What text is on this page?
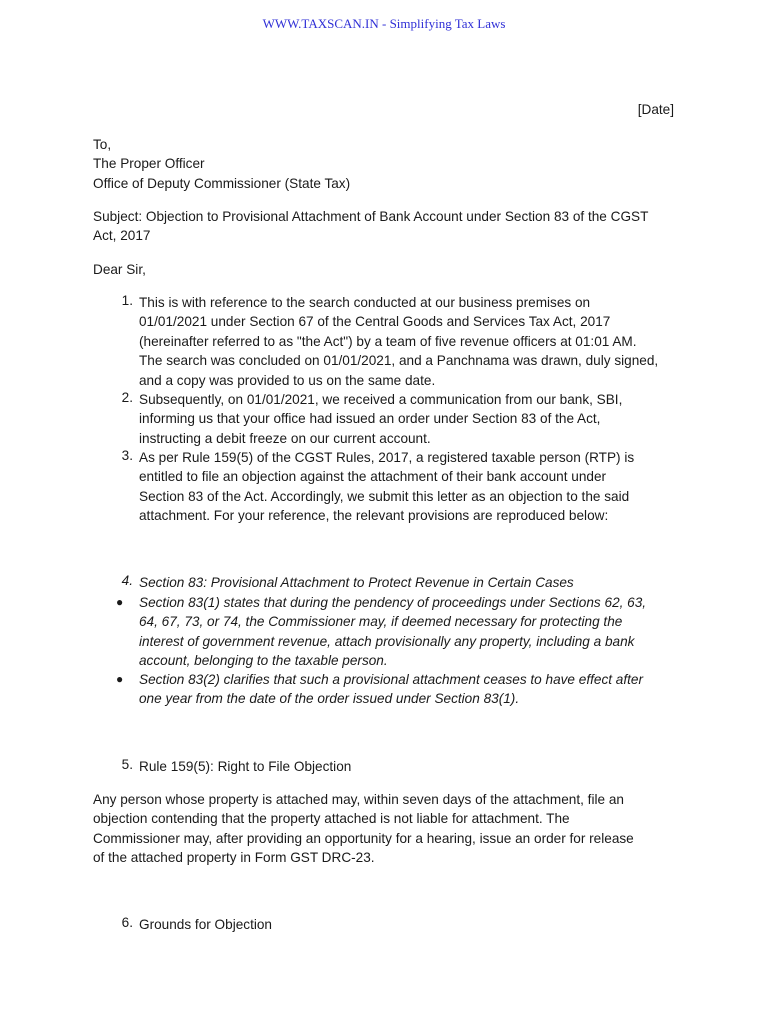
WWW.TAXSCAN.IN - Simplifying Tax Laws
[Date]
To,
The Proper Officer
Office of Deputy Commissioner (State Tax)
Subject: Objection to Provisional Attachment of Bank Account under Section 83 of the CGST
Act, 2017
Dear Sir,
1. This is with reference to the search conducted at our business premises on
01/01/2021 under Section 67 of the Central Goods and Services Tax Act, 2017
(hereinafter referred to as "the Act") by a team of five revenue officers at 01:01 AM.
The search was concluded on 01/01/2021, and a Panchnama was drawn, duly signed,
and a copy was provided to us on the same date.
2. Subsequently, on 01/01/2021, we received a communication from our bank, SBI,
informing us that your office had issued an order under Section 83 of the Act,
instructing a debit freeze on our current account.
3. As per Rule 159(5) of the CGST Rules, 2017, a registered taxable person (RTP) is
entitled to file an objection against the attachment of their bank account under
Section 83 of the Act. Accordingly, we submit this letter as an objection to the said
attachment. For your reference, the relevant provisions are reproduced below:
4. Section 83: Provisional Attachment to Protect Revenue in Certain Cases
●	Section 83(1) states that during the pendency of proceedings under Sections 62, 63,
64, 67, 73, or 74, the Commissioner may, if deemed necessary for protecting the
interest of government revenue, attach provisionally any property, including a bank
account, belonging to the taxable person.
●	Section 83(2) clarifies that such a provisional attachment ceases to have effect after
one year from the date of the order issued under Section 83(1).
5. Rule 159(5): Right to File Objection
Any person whose property is attached may, within seven days of the attachment, file an
objection contending that the property attached is not liable for attachment. The
Commissioner may, after providing an opportunity for a hearing, issue an order for release
of the attached property in Form GST DRC-23.
6. Grounds for Objection
